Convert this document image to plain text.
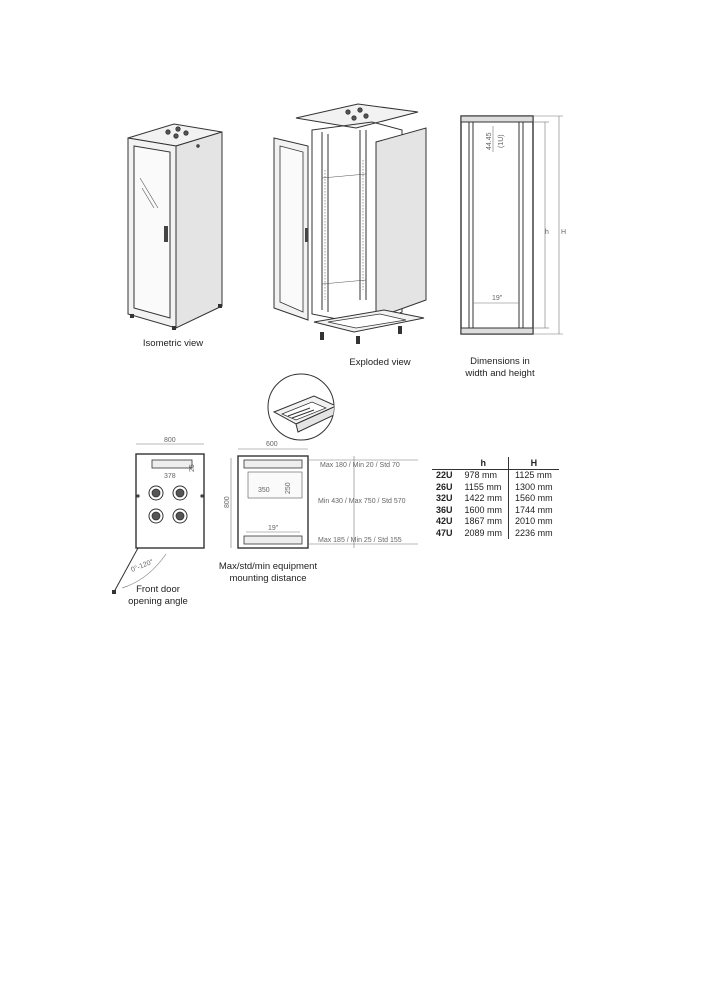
Isometric view
Exploded view
44.45 (1U)
19"
h H
Dimensions in
width and height
800
378
25
0°-120°
Front door
opening angle
600
800
350 250
19"
Max 180 / Min 20 / Std 70
Min 430 / Max 750 / Std 570
Max 185 / Min 25 / Std 155
Max/std/min equipment
mounting distance
	h	H
22U	978 mm	1125 mm
26U	1155 mm	1300 mm
32U	1422 mm	1560 mm
36U	1600 mm	1744 mm
42U	1867 mm	2010 mm
47U	2089 mm	2236 mm
